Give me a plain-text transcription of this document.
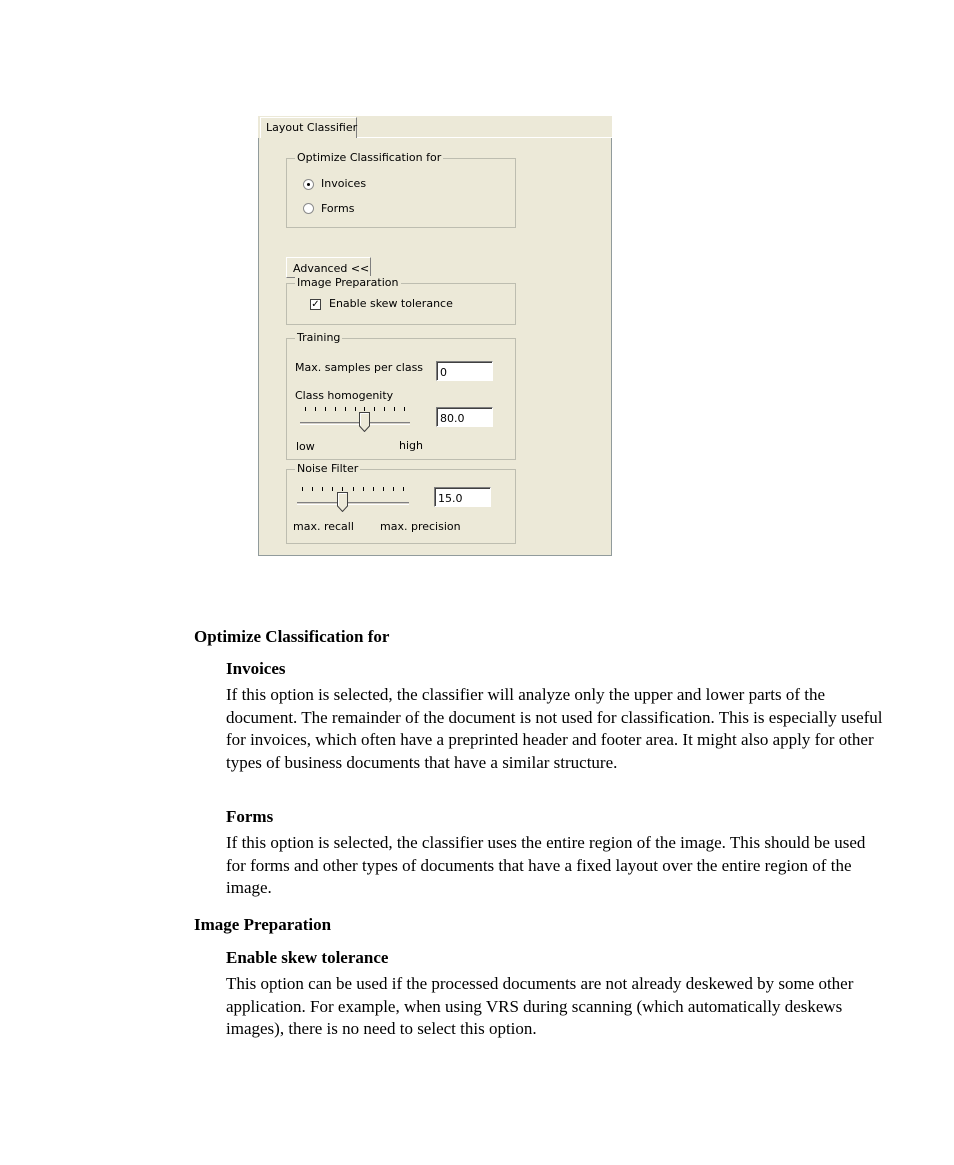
Layout Classifier
Optimize Classification for
Invoices
Forms
Advanced <<
Image Preparation
✓ Enable skew tolerance
Training
Max. samples per class
0
Class homogenity
80.0
low	high
Noise Filter
15.0
max. recall max. precision
Optimize Classification for
Invoices
If this option is selected, the classifier will analyze only the upper and lower parts of the document. The remainder of the document is not used for classification. This is especially useful for invoices, which often have a preprinted header and footer area. It might also apply for other types of business documents that have a similar structure.
Forms
If this option is selected, the classifier uses the entire region of the image. This should be used for forms and other types of documents that have a fixed layout over the entire region of the image.
Image Preparation
Enable skew tolerance
This option can be used if the processed documents are not already deskewed by some other application. For example, when using VRS during scanning (which automatically deskews images), there is no need to select this option.
